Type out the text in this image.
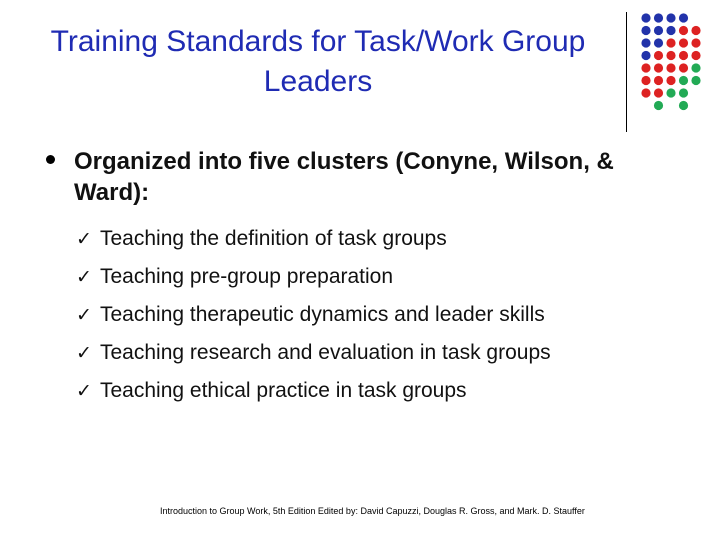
Training Standards for Task/Work Group Leaders
Organized into five clusters (Conyne, Wilson, & Ward):
✓ Teaching the definition of task groups
✓ Teaching pre-group preparation
✓ Teaching therapeutic dynamics and leader skills
✓ Teaching research and evaluation in task groups
✓ Teaching ethical practice in task groups
Introduction to Group Work, 5th Edition Edited by: David Capuzzi, Douglas R. Gross, and Mark. D. Stauffer
